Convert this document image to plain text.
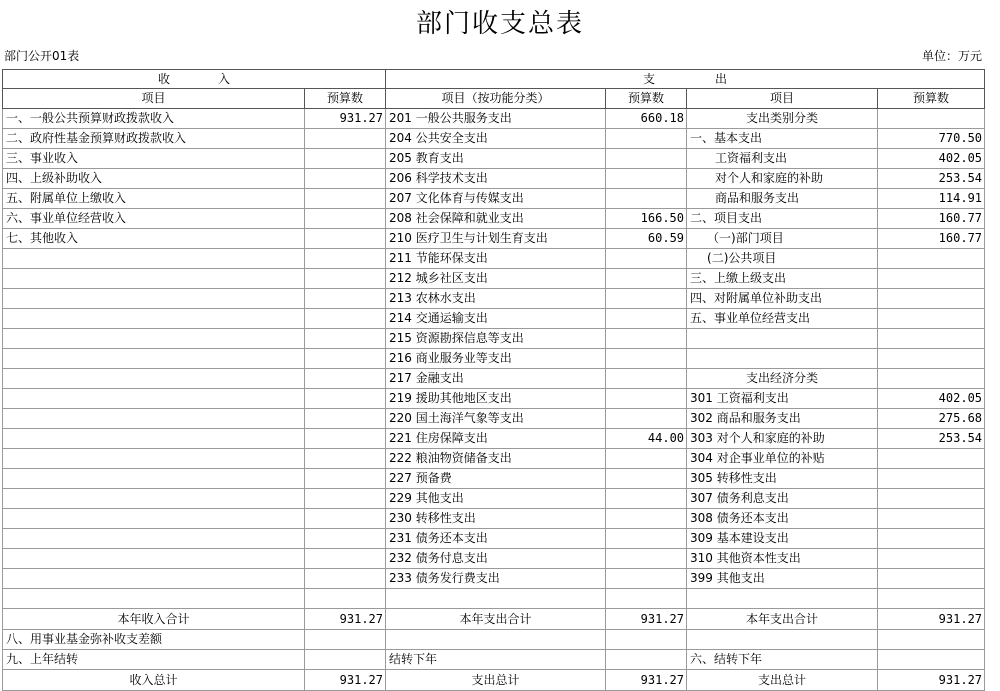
部门收支总表
部门公开01表	单位：万元
收　　　　入		支　　　　　出			
项目	预算数	项目（按功能分类）	预算数	项目	预算数
一、一般公共预算财政拨款收入	931.27	201 一般公共服务支出	660.18	支出类别分类	
二、政府性基金预算财政拨款收入		204 公共安全支出		一、基本支出	770.50
三、事业收入		205 教育支出		工资福利支出	402.05
四、上级补助收入		206 科学技术支出		对个人和家庭的补助	253.54
五、附属单位上缴收入		207 文化体育与传媒支出		商品和服务支出	114.91
六、事业单位经营收入		208 社会保障和就业支出	166.50	二、项目支出	160.77
七、其他收入		210 医疗卫生与计划生育支出	60.59	（一)部门项目	160.77
		211 节能环保支出		(二)公共项目	
		212 城乡社区支出		三、上缴上级支出	
		213 农林水支出		四、对附属单位补助支出	
		214 交通运输支出		五、事业单位经营支出	
		215 资源勘探信息等支出			
		216 商业服务业等支出			
		217 金融支出		支出经济分类	
		219 援助其他地区支出		301 工资福利支出	402.05
		220 国土海洋气象等支出		302 商品和服务支出	275.68
		221 住房保障支出	44.00	303 对个人和家庭的补助	253.54
		222 粮油物资储备支出		304 对企事业单位的补贴	
		227 预备费		305 转移性支出	
		229 其他支出		307 债务利息支出	
		230 转移性支出		308 债务还本支出	
		231 债务还本支出		309 基本建设支出	
		232 债务付息支出		310 其他资本性支出	
		233 债务发行费支出		399 其他支出	

本年收入合计	931.27	本年支出合计	931.27	本年支出合计	931.27
八、用事业基金弥补收支差额					
九、上年结转		结转下年		六、结转下年	
收入总计	931.27	支出总计	931.27	支出总计	931.27
